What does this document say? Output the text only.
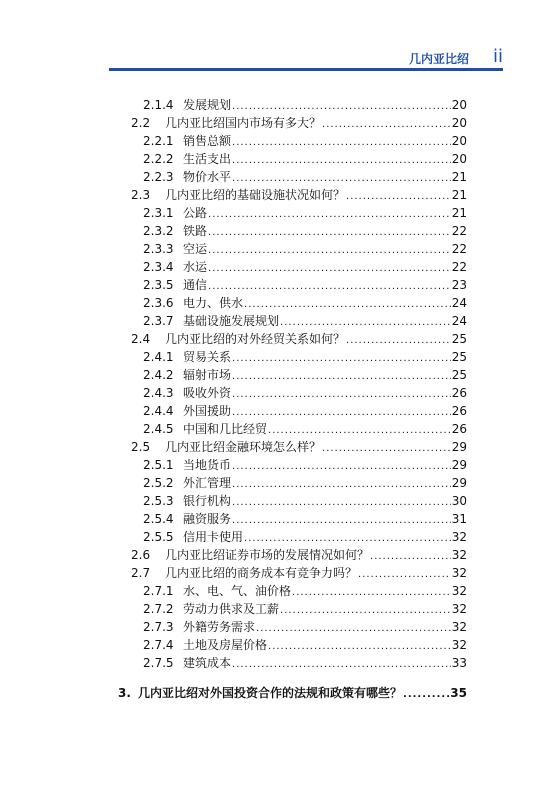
几内亚比绍 ii
2.1.4 发展规划 .....	20
2.2	几内亚比绍国内市场有多大？ .....	20
2.2.1 销售总额 .....	20
2.2.2 生活支出 .....	20
2.2.3 物价水平 .....	21
2.3	几内亚比绍的基础设施状况如何？ .....	21
2.3.1 公路 .....	21
2.3.2 铁路 .....	22
2.3.3 空运 .....	22
2.3.4 水运 .....	22
2.3.5 通信 .....	23
2.3.6 电力、供水 .....	24
2.3.7 基础设施发展规划 .....	24
2.4	几内亚比绍的对外经贸关系如何？ .....	25
2.4.1 贸易关系 .....	25
2.4.2 辐射市场 .....	25
2.4.3 吸收外资 .....	26
2.4.4 外国援助 .....	26
2.4.5 中国和几比经贸 .....	26
2.5	几内亚比绍金融环境怎么样？ .....	29
2.5.1 当地货币 .....	29
2.5.2 外汇管理 .....	29
2.5.3 银行机构 .....	30
2.5.4 融资服务 .....	31
2.5.5 信用卡使用 .....	32
2.6	几内亚比绍证券市场的发展情况如何？ .....	32
2.7	几内亚比绍的商务成本有竞争力吗？ .....	32
2.7.1 水、电、气、油价格 .....	32
2.7.2 劳动力供求及工薪 .....	32
2.7.3 外籍劳务需求 .....	32
2.7.4 土地及房屋价格 .....	32
2.7.5 建筑成本 .....	33
3. 几内亚比绍对外国投资合作的法规和政策有哪些？ .....	35
